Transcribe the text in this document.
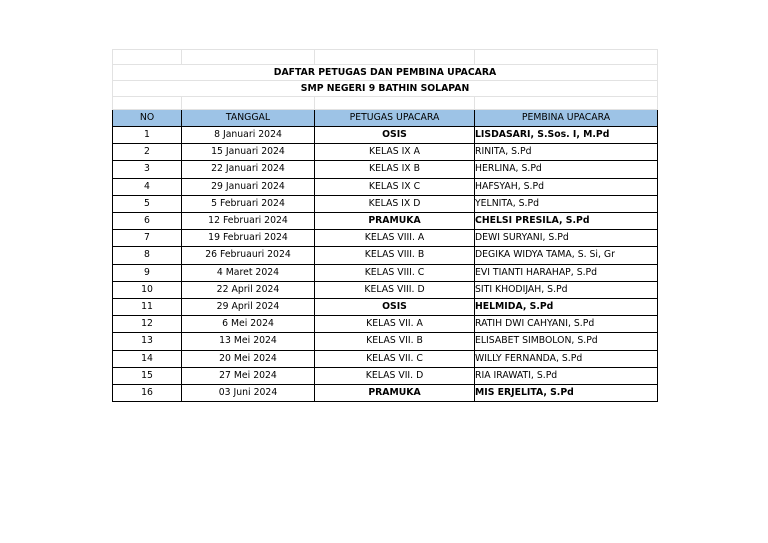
DAFTAR PETUGAS DAN PEMBINA UPACARA			
SMP NEGERI 9 BATHIN SOLAPAN			

NO	TANGGAL	PETUGAS UPACARA	PEMBINA UPACARA
1	8 Januari 2024	OSIS	LISDASARI, S.Sos. I, M.Pd
2	15 Januari 2024	KELAS IX A	RINITA, S.Pd
3	22 Januari 2024	KELAS IX B	HERLINA, S.Pd
4	29 Januari 2024	KELAS IX C	HAFSYAH, S.Pd
5	5 Februari 2024	KELAS IX D	YELNITA, S.Pd
6	12 Februari 2024	PRAMUKA	CHELSI PRESILA, S.Pd
7	19 Februari 2024	KELAS VIII. A	DEWI SURYANI, S.Pd
8	26 Februauri 2024	KELAS VIII. B	DEGIKA WIDYA TAMA, S. Si, Gr
9	4 Maret 2024	KELAS VIII. C	EVI TIANTI HARAHAP, S.Pd
10	22 April 2024	KELAS VIII. D	SITI KHODIJAH, S.Pd
11	29 April 2024	OSIS	HELMIDA, S.Pd
12	6 Mei 2024	KELAS VII. A	RATIH DWI CAHYANI, S.Pd
13	13 Mei 2024	KELAS VII. B	ELISABET SIMBOLON, S.Pd
14	20 Mei 2024	KELAS VII. C	WILLY FERNANDA, S.Pd
15	27 Mei 2024	KELAS VII. D	RIA IRAWATI, S.Pd
16	03 Juni 2024	PRAMUKA	MIS ERJELITA, S.Pd
